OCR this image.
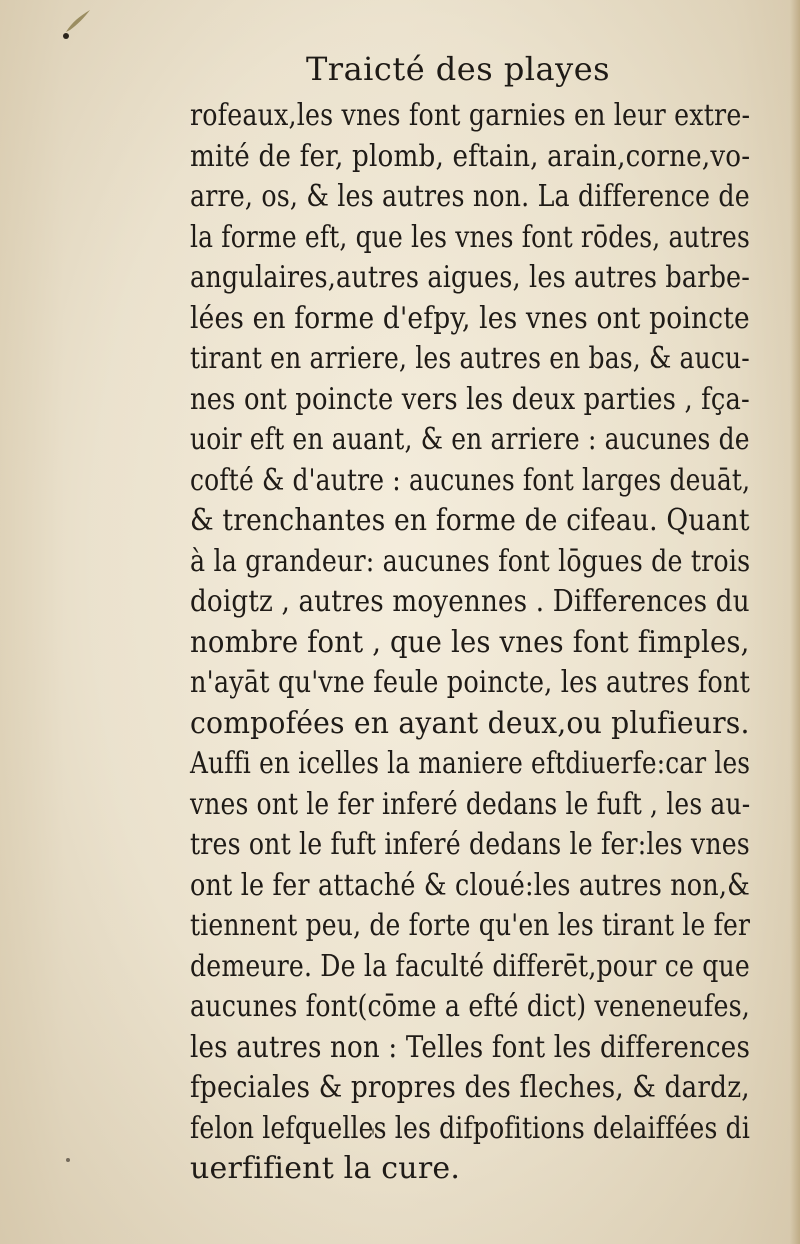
Traicté des playes
rofeaux,les vnes font garnies en leur extre-
mité de fer, plomb, eftain, arain,corne,vo-
arre, os, & les autres non. La difference de
la forme eft, que les vnes font rōdes, autres
angulaires,autres aigues, les autres barbe-
lées en forme d'efpy, les vnes ont poincte
tirant en arriere, les autres en bas, & aucu-
nes ont poincte vers les deux parties , fça-
uoir eft en auant, & en arriere : aucunes de
cofté & d'autre : aucunes font larges deuāt,
& trenchantes en forme de cifeau. Quant
à la grandeur: aucunes font lōgues de trois
doigtz , autres moyennes . Differences du
nombre font , que les vnes font fimples,
n'ayāt qu'vne feule poincte, les autres font
compofées en ayant deux,ou plufieurs.
Auffi en icelles la maniere eftdiuerfe:car les
vnes ont le fer inferé dedans le fuft , les au-
tres ont le fuft inferé dedans le fer:les vnes
ont le fer attaché & cloué:les autres non,&
tiennent peu, de forte qu'en les tirant le fer
demeure. De la faculté differēt,pour ce que
aucunes font(cōme a efté dict) veneneufes,
les autres non : Telles font les differences
fpeciales & propres des fleches, & dardz,
felon lefquelles les difpofitions delaiffées di
uerfifient la cure.
